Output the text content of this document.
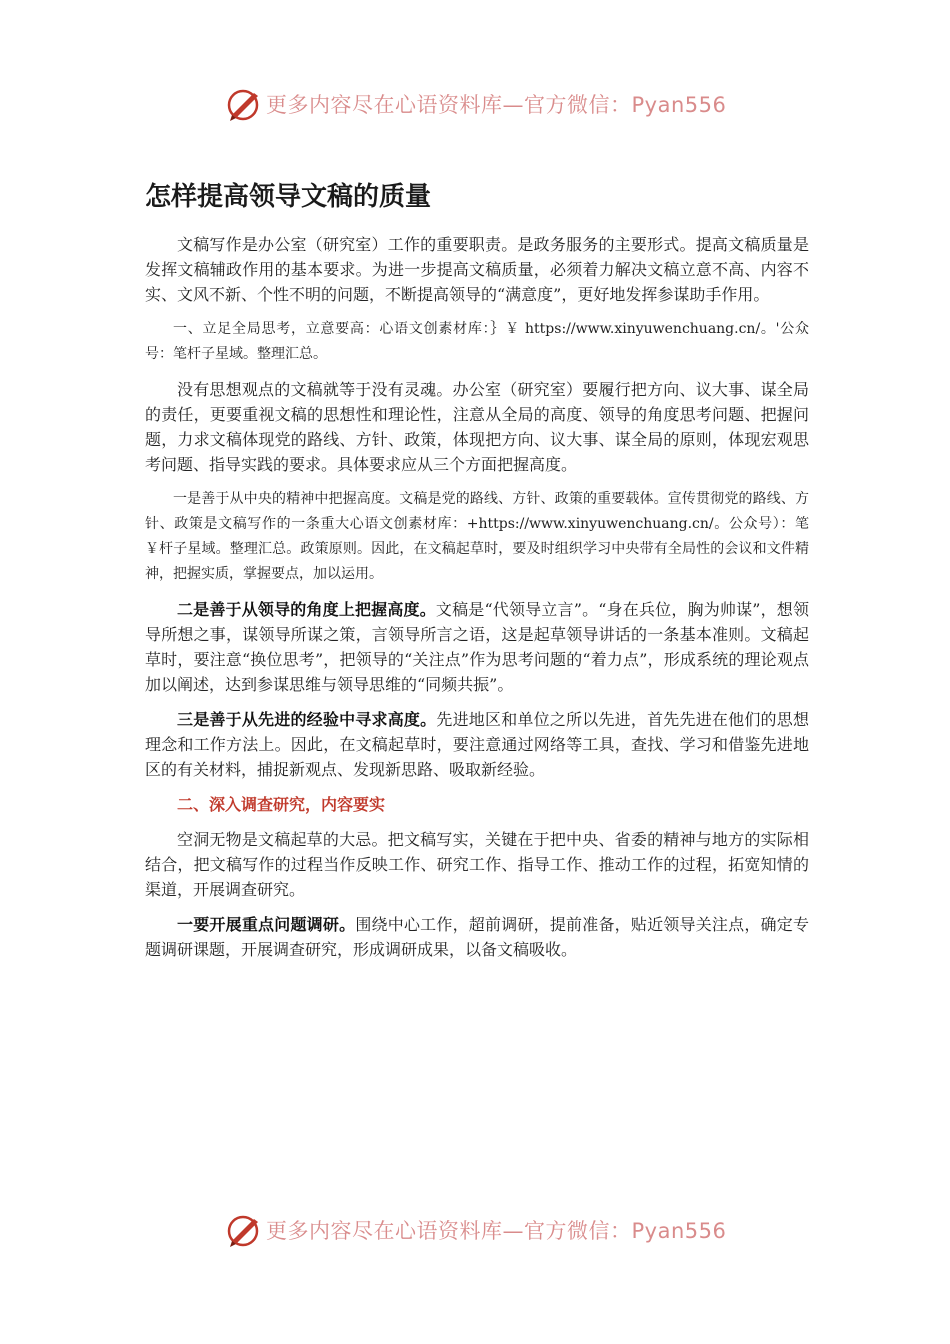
更多内容尽在心语资料库—官方微信：Pyan556
怎样提高领导文稿的质量

文稿写作是办公室（研究室）工作的重要职责。是政务服务的主要形式。提高文稿质量是发挥文稿辅政作用的基本要求。为进一步提高文稿质量，必须着力解决文稿立意不高、内容不实、文风不新、个性不明的问题，不断提高领导的“满意度”，更好地发挥参谋助手作用。

一、立足全局思考，立意要高：心语文创素材库：｝￥ https://www.xinyuwenchuang.cn/。'公众号：笔杆子星域。整理汇总。

没有思想观点的文稿就等于没有灵魂。办公室（研究室）要履行把方向、议大事、谋全局的责任，更要重视文稿的思想性和理论性，注意从全局的高度、领导的角度思考问题、把握问题，力求文稿体现党的路线、方针、政策，体现把方向、议大事、谋全局的原则，体现宏观思考问题、指导实践的要求。具体要求应从三个方面把握高度。

一是善于从中央的精神中把握高度。文稿是党的路线、方针、政策的重要载体。宣传贯彻党的路线、方针、政策是文稿写作的一条重大心语文创素材库：+https://www.xinyuwenchuang.cn/。公众号）：笔￥杆子星域。整理汇总。政策原则。因此，在文稿起草时，要及时组织学习中央带有全局性的会议和文件精神，把握实质，掌握要点，加以运用。

二是善于从领导的角度上把握高度。文稿是“代领导立言”。“身在兵位，胸为帅谋”，想领导所想之事，谋领导所谋之策，言领导所言之语，这是起草领导讲话的一条基本准则。文稿起草时，要注意“换位思考”，把领导的“关注点”作为思考问题的“着力点”，形成系统的理论观点加以阐述，达到参谋思维与领导思维的“同频共振”。

三是善于从先进的经验中寻求高度。先进地区和单位之所以先进，首先先进在他们的思想理念和工作方法上。因此，在文稿起草时，要注意通过网络等工具，查找、学习和借鉴先进地区的有关材料，捕捉新观点、发现新思路、吸取新经验。

二、深入调查研究，内容要实

空洞无物是文稿起草的大忌。把文稿写实，关键在于把中央、省委的精神与地方的实际相结合，把文稿写作的过程当作反映工作、研究工作、指导工作、推动工作的过程，拓宽知情的渠道，开展调查研究。

一要开展重点问题调研。围绕中心工作，超前调研，提前准备，贴近领导关注点，确定专题调研课题，开展调查研究，形成调研成果，以备文稿吸收。

更多内容尽在心语资料库—官方微信：Pyan556
